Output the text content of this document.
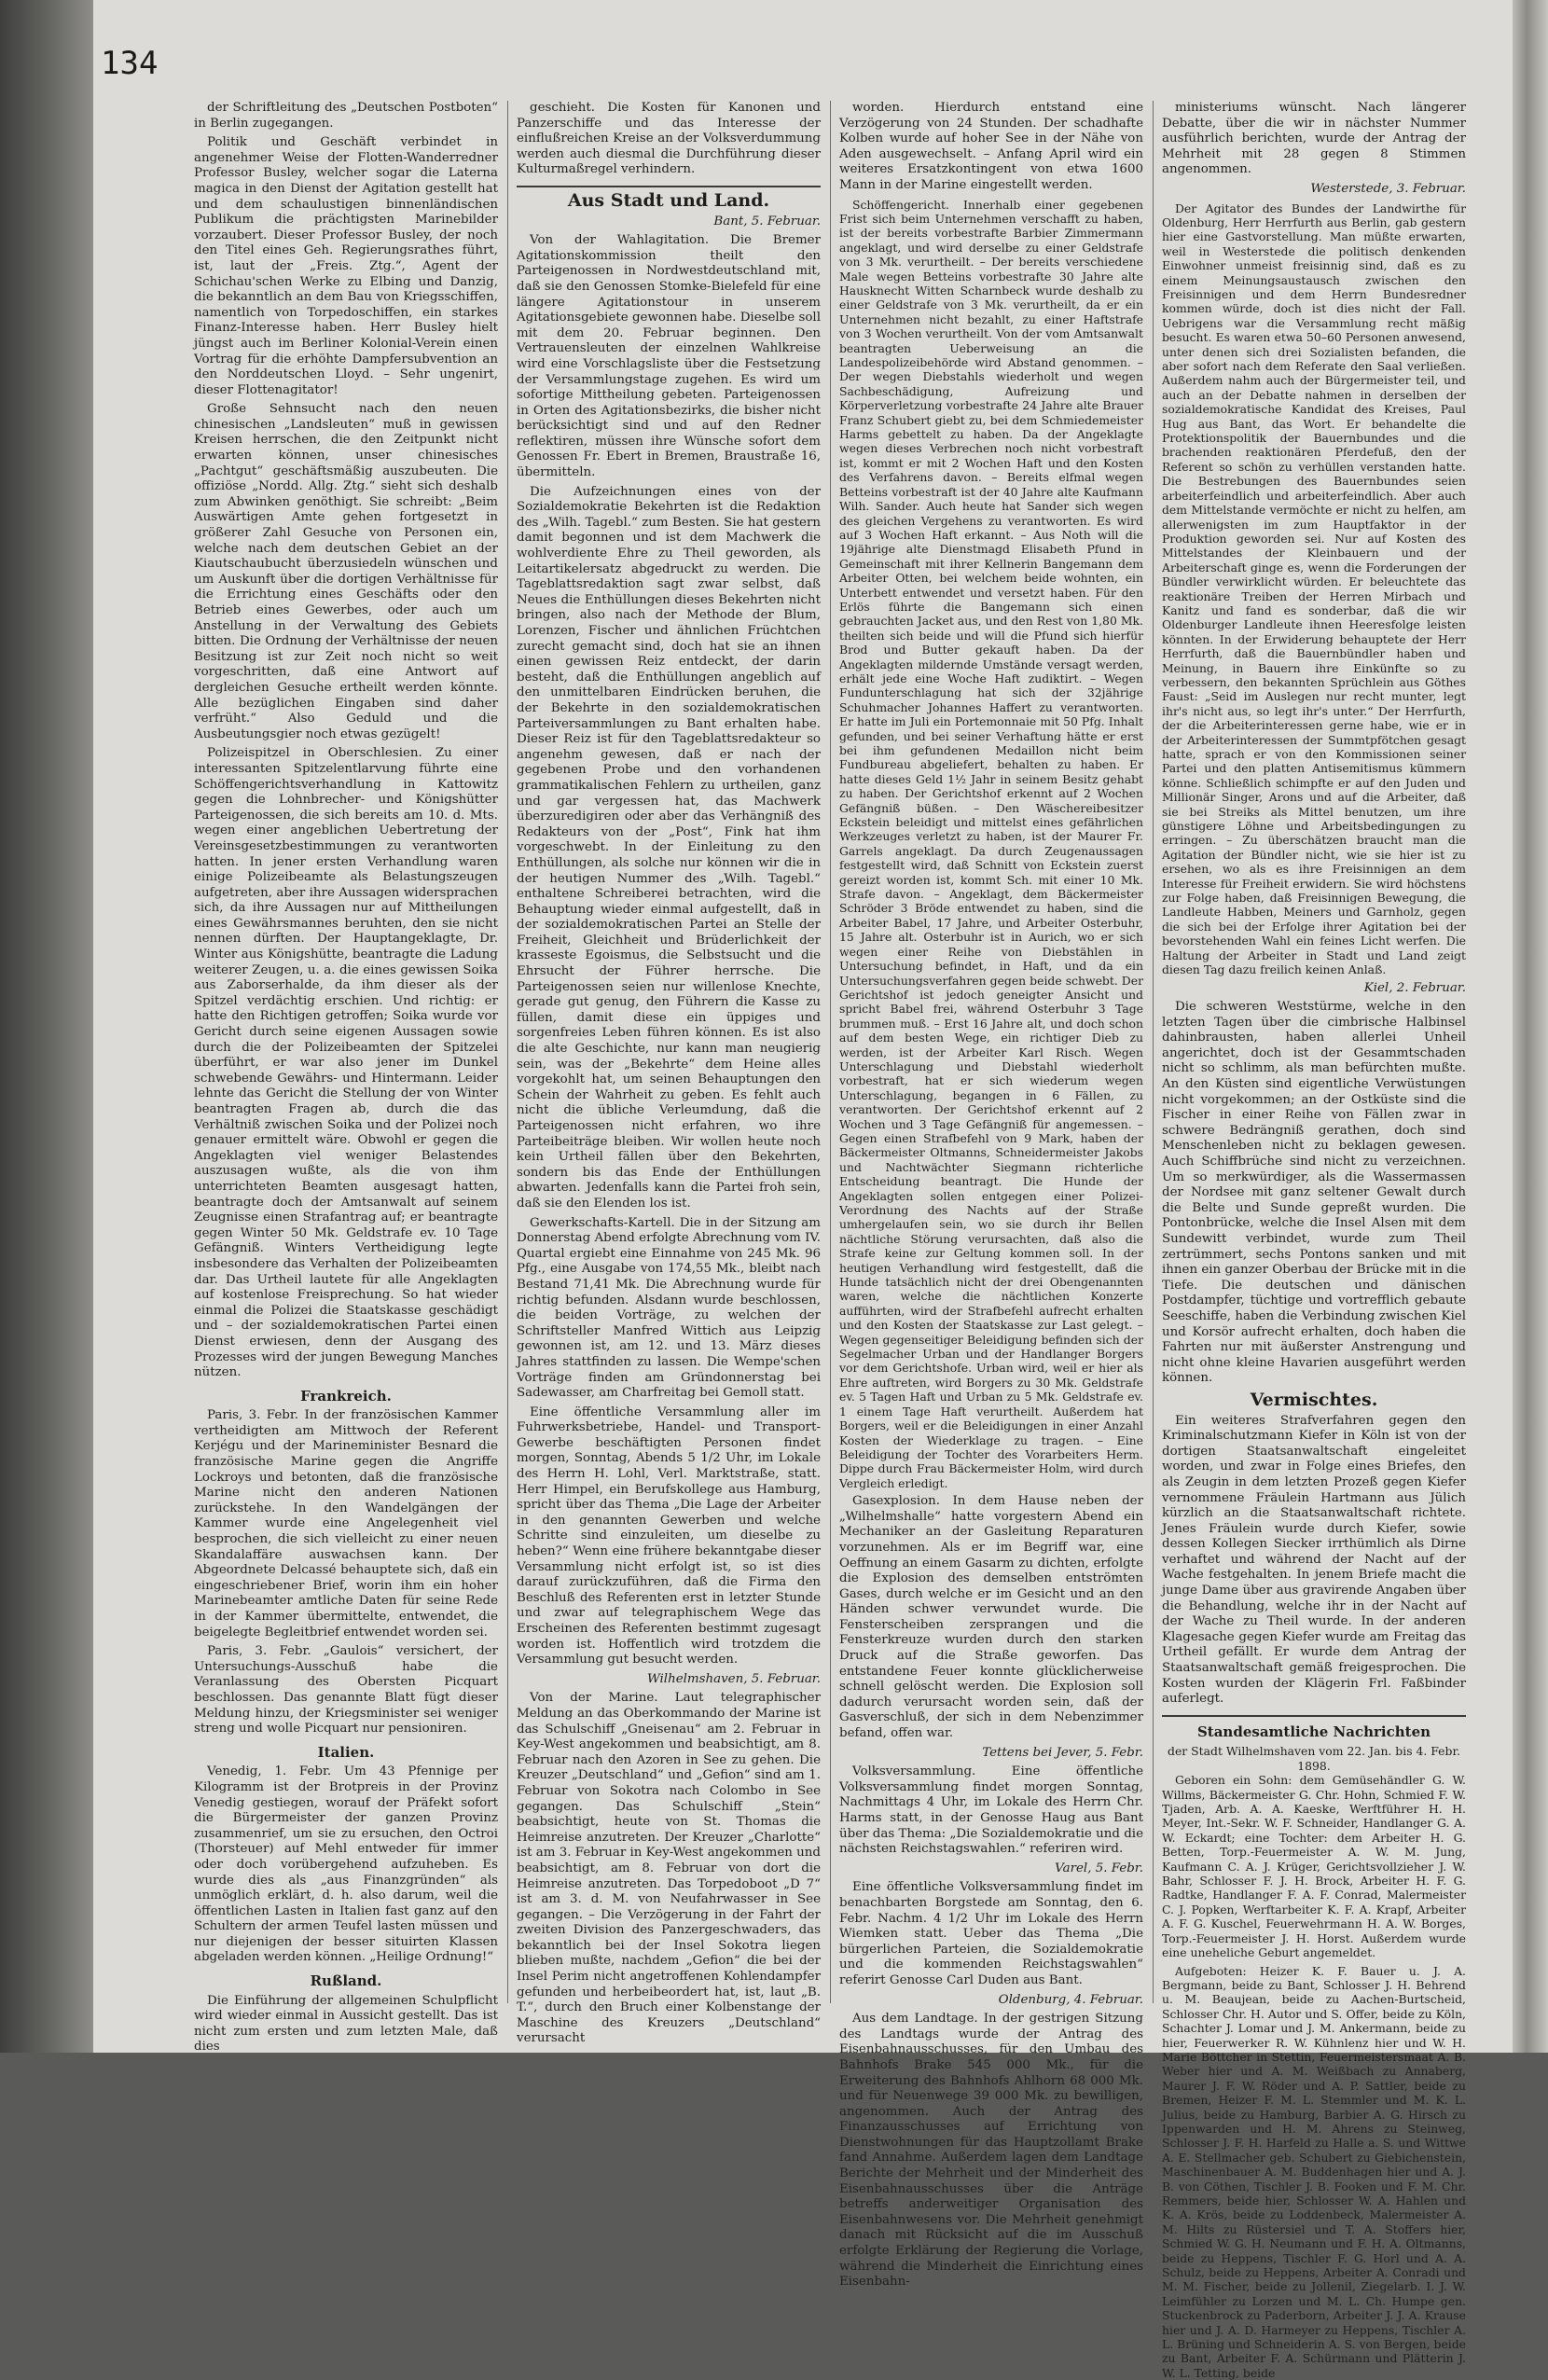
134

der Schriftleitung des „Deutschen Postboten“ in Berlin zugegangen.

Politik und Geschäft verbindet in angenehmer Weise der Flotten-Wanderredner Professor Busley, welcher sogar die Laterna magica in den Dienst der Agitation gestellt hat und dem schaulustigen binnenländischen Publikum die prächtigsten Marinebilder vorzaubert. Dieser Professor Busley, der noch den Titel eines Geh. Regierungsrathes führt, ist, laut der „Freis. Ztg.“, Agent der Schichau'schen Werke zu Elbing und Danzig, die bekanntlich an dem Bau von Kriegsschiffen, namentlich von Torpedoschiffen, ein starkes Finanz-Interesse haben. Herr Busley hielt jüngst auch im Berliner Kolonial-Verein einen Vortrag für die erhöhte Dampfersubvention an den Norddeutschen Lloyd. – Sehr ungenirt, dieser Flottenagitator!

Große Sehnsucht nach den neuen chinesischen „Landsleuten“ muß in gewissen Kreisen herrschen, die den Zeitpunkt nicht erwarten können, unser chinesisches „Pachtgut“ geschäftsmäßig auszubeuten. Die offiziöse „Nordd. Allg. Ztg.“ sieht sich deshalb zum Abwinken genöthigt. Sie schreibt: „Beim Auswärtigen Amte gehen fortgesetzt in größerer Zahl Gesuche von Personen ein, welche nach dem deutschen Gebiet an der Kiautschaubucht überzusiedeln wünschen und um Auskunft über die dortigen Verhältnisse für die Errichtung eines Geschäfts oder den Betrieb eines Gewerbes, oder auch um Anstellung in der Verwaltung des Gebiets bitten. Die Ordnung der Verhältnisse der neuen Besitzung ist zur Zeit noch nicht so weit vorgeschritten, daß eine Antwort auf dergleichen Gesuche ertheilt werden könnte. Alle bezüglichen Eingaben sind daher verfrüht.“ Also Geduld und die Ausbeutungsgier noch etwas gezügelt!

Polizeispitzel in Oberschlesien. Zu einer interessanten Spitzelentlarvung führte eine Schöffengerichtsverhandlung in Kattowitz gegen die Lohnbrecher- und Königshütter Parteigenossen, die sich bereits am 10. d. Mts. wegen einer angeblichen Uebertretung der Vereinsgesetzbestimmungen zu verantworten hatten. In jener ersten Verhandlung waren einige Polizeibeamte als Belastungszeugen aufgetreten, aber ihre Aussagen widersprachen sich, da ihre Aussagen nur auf Mittheilungen eines Gewährsmannes beruhten, den sie nicht nennen dürften. Der Hauptangeklagte, Dr. Winter aus Königshütte, beantragte die Ladung weiterer Zeugen, u. a. die eines gewissen Soika aus Zaborserhalde, da ihm dieser als der Spitzel verdächtig erschien. Und richtig: er hatte den Richtigen getroffen; Soika wurde vor Gericht durch seine eigenen Aussagen sowie durch die der Polizeibeamten der Spitzelei überführt, er war also jener im Dunkel schwebende Gewährs- und Hintermann. Leider lehnte das Gericht die Stellung der von Winter beantragten Fragen ab, durch die das Verhältniß zwischen Soika und der Polizei noch genauer ermittelt wäre. Obwohl er gegen die Angeklagten viel weniger Belastendes auszusagen wußte, als die von ihm unterrichteten Beamten ausgesagt hatten, beantragte doch der Amtsanwalt auf seinem Zeugnisse einen Strafantrag auf; er beantragte gegen Winter 50 Mk. Geldstrafe ev. 10 Tage Gefängniß. Winters Vertheidigung legte insbesondere das Verhalten der Polizeibeamten dar. Das Urtheil lautete für alle Angeklagten auf kostenlose Freisprechung. So hat wieder einmal die Polizei die Staatskasse geschädigt und – der sozialdemokratischen Partei einen Dienst erwiesen, denn der Ausgang des Prozesses wird der jungen Bewegung Manches nützen.

Frankreich.

Paris, 3. Febr. In der französischen Kammer vertheidigten am Mittwoch der Referent Kerjégu und der Marineminister Besnard die französische Marine gegen die Angriffe Lockroys und betonten, daß die französische Marine nicht den anderen Nationen zurückstehe. In den Wandelgängen der Kammer wurde eine Angelegenheit viel besprochen, die sich vielleicht zu einer neuen Skandalaffäre auswachsen kann. Der Abgeordnete Delcassé behauptete sich, daß ein eingeschriebener Brief, worin ihm ein hoher Marinebeamter amtliche Daten für seine Rede in der Kammer übermittelte, entwendet, die beigelegte Begleitbrief entwendet worden sei.

Paris, 3. Febr. „Gaulois“ versichert, der Untersuchungs-Ausschuß habe die Veranlassung des Obersten Picquart beschlossen. Das genannte Blatt fügt dieser Meldung hinzu, der Kriegsminister sei weniger streng und wolle Picquart nur pensioniren.

Italien.

Venedig, 1. Febr. Um 43 Pfennige per Kilogramm ist der Brotpreis in der Provinz Venedig gestiegen, worauf der Präfekt sofort die Bürgermeister der ganzen Provinz zusammenrief, um sie zu ersuchen, den Octroi (Thorsteuer) auf Mehl entweder für immer oder doch vorübergehend aufzuheben. Es wurde dies als „aus Finanzgründen“ als unmöglich erklärt, d. h. also darum, weil die öffentlichen Lasten in Italien fast ganz auf den Schultern der armen Teufel lasten müssen und nur diejenigen der besser situirten Klassen abgeladen werden können. „Heilige Ordnung!“

Rußland.

Die Einführung der allgemeinen Schulpflicht wird wieder einmal in Aussicht gestellt. Das ist nicht zum ersten und zum letzten Male, daß dies

geschieht. Die Kosten für Kanonen und Panzerschiffe und das Interesse der einflußreichen Kreise an der Volksverdummung werden auch diesmal die Durchführung dieser Kulturmaßregel verhindern.

Aus Stadt und Land.
Bant, 5. Februar.

Von der Wahlagitation. Die Bremer Agitationskommission theilt den Parteigenossen in Nordwestdeutschland mit, daß sie den Genossen Stomke-Bielefeld für eine längere Agitationstour in unserem Agitationsgebiete gewonnen habe. Dieselbe soll mit dem 20. Februar beginnen. Den Vertrauensleuten der einzelnen Wahlkreise wird eine Vorschlagsliste über die Festsetzung der Versammlungstage zugehen. Es wird um sofortige Mittheilung gebeten. Parteigenossen in Orten des Agitationsbezirks, die bisher nicht berücksichtigt sind und auf den Redner reflektiren, müssen ihre Wünsche sofort dem Genossen Fr. Ebert in Bremen, Braustraße 16, übermitteln.

Die Aufzeichnungen eines von der Sozialdemokratie Bekehrten ist die Redaktion des „Wilh. Tagebl.“ zum Besten. Sie hat gestern damit begonnen und ist dem Machwerk die wohlverdiente Ehre zu Theil geworden, als Leitartikelersatz abgedruckt zu werden. Die Tageblattsredaktion sagt zwar selbst, daß Neues die Enthüllungen dieses Bekehrten nicht bringen, also nach der Methode der Blum, Lorenzen, Fischer und ähnlichen Früchtchen zurecht gemacht sind, doch hat sie an ihnen einen gewissen Reiz entdeckt, der darin besteht, daß die Enthüllungen angeblich auf den unmittelbaren Eindrücken beruhen, die der Bekehrte in den sozialdemokratischen Parteiversammlungen zu Bant erhalten habe. Dieser Reiz ist für den Tageblattsredakteur so angenehm gewesen, daß er nach der gegebenen Probe und den vorhandenen grammatikalischen Fehlern zu urtheilen, ganz und gar vergessen hat, das Machwerk überzuredigiren oder aber das Verhängniß des Redakteurs von der „Post“, Fink hat ihm vorgeschwebt. In der Einleitung zu den Enthüllungen, als solche nur können wir die in der heutigen Nummer des „Wilh. Tagebl.“ enthaltene Schreiberei betrachten, wird die Behauptung wieder einmal aufgestellt, daß in der sozialdemokratischen Partei an Stelle der Freiheit, Gleichheit und Brüderlichkeit der krasseste Egoismus, die Selbstsucht und die Ehrsucht der Führer herrsche. Die Parteigenossen seien nur willenlose Knechte, gerade gut genug, den Führern die Kasse zu füllen, damit diese ein üppiges und sorgenfreies Leben führen können. Es ist also die alte Geschichte, nur kann man neugierig sein, was der „Bekehrte“ dem Heine alles vorgekohlt hat, um seinen Behauptungen den Schein der Wahrheit zu geben. Es fehlt auch nicht die übliche Verleumdung, daß die Parteigenossen nicht erfahren, wo ihre Parteibeiträge bleiben. Wir wollen heute noch kein Urtheil fällen über den Bekehrten, sondern bis das Ende der Enthüllungen abwarten. Jedenfalls kann die Partei froh sein, daß sie den Elenden los ist.

Gewerkschafts-Kartell. Die in der Sitzung am Donnerstag Abend erfolgte Abrechnung vom IV. Quartal ergiebt eine Einnahme von 245 Mk. 96 Pfg., eine Ausgabe von 174,55 Mk., bleibt nach Bestand 71,41 Mk. Die Abrechnung wurde für richtig befunden. Alsdann wurde beschlossen, die beiden Vorträge, zu welchen der Schriftsteller Manfred Wittich aus Leipzig gewonnen ist, am 12. und 13. März dieses Jahres stattfinden zu lassen. Die Wempe'schen Vorträge finden am Gründonnerstag bei Sadewasser, am Charfreitag bei Gemoll statt.

Eine öffentliche Versammlung aller im Fuhrwerksbetriebe, Handel- und Transport-Gewerbe beschäftigten Personen findet morgen, Sonntag, Abends 5 1/2 Uhr, im Lokale des Herrn H. Lohl, Verl. Marktstraße, statt. Herr Himpel, ein Berufskollege aus Hamburg, spricht über das Thema „Die Lage der Arbeiter in den genannten Gewerben und welche Schritte sind einzuleiten, um dieselbe zu heben?“ Wenn eine frühere bekanntgabe dieser Versammlung nicht erfolgt ist, so ist dies darauf zurückzuführen, daß die Firma den Beschluß des Referenten erst in letzter Stunde und zwar auf telegraphischem Wege das Erscheinen des Referenten bestimmt zugesagt worden ist. Hoffentlich wird trotzdem die Versammlung gut besucht werden.

Wilhelmshaven, 5. Februar.

Von der Marine. Laut telegraphischer Meldung an das Oberkommando der Marine ist das Schulschiff „Gneisenau“ am 2. Februar in Key-West angekommen und beabsichtigt, am 8. Februar nach den Azoren in See zu gehen. Die Kreuzer „Deutschland“ und „Gefion“ sind am 1. Februar von Sokotra nach Colombo in See gegangen. Das Schulschiff „Stein“ beabsichtigt, heute von St. Thomas die Heimreise anzutreten. Der Kreuzer „Charlotte“ ist am 3. Februar in Key-West angekommen und beabsichtigt, am 8. Februar von dort die Heimreise anzutreten. Das Torpedoboot „D 7“ ist am 3. d. M. von Neufahrwasser in See gegangen. – Die Verzögerung in der Fahrt der zweiten Division des Panzergeschwaders, das bekanntlich bei der Insel Sokotra liegen blieben mußte, nachdem „Gefion“ die bei der Insel Perim nicht angetroffenen Kohlendampfer gefunden und herbeibeordert hat, ist, laut „B. T.“, durch den Bruch einer Kolbenstange der Maschine des Kreuzers „Deutschland“ verursacht

worden. Hierdurch entstand eine Verzögerung von 24 Stunden. Der schadhafte Kolben wurde auf hoher See in der Nähe von Aden ausgewechselt. – Anfang April wird ein weiteres Ersatzkontingent von etwa 1600 Mann in der Marine eingestellt werden.

Schöffengericht. Innerhalb einer gegebenen Frist sich beim Unternehmen verschafft zu haben, ist der bereits vorbestrafte Barbier Zimmermann angeklagt, und wird derselbe zu einer Geldstrafe von 3 Mk. verurtheilt. – Der bereits verschiedene Male wegen Betteins vorbestrafte 30 Jahre alte Hausknecht Witten Scharnbeck wurde deshalb zu einer Geldstrafe von 3 Mk. verurtheilt, da er ein Unternehmen nicht bezahlt, zu einer Haftstrafe von 3 Wochen verurtheilt. Von der vom Amtsanwalt beantragten Ueberweisung an die Landespolizeibehörde wird Abstand genommen. – Der wegen Diebstahls wiederholt und wegen Sachbeschädigung, Aufreizung und Körperverletzung vorbestrafte 24 Jahre alte Brauer Franz Schubert giebt zu, bei dem Schmiedemeister Harms gebettelt zu haben. Da der Angeklagte wegen dieses Verbrechen noch nicht vorbestraft ist, kommt er mit 2 Wochen Haft und den Kosten des Verfahrens davon. – Bereits elfmal wegen Betteins vorbestraft ist der 40 Jahre alte Kaufmann Wilh. Sander. Auch heute hat Sander sich wegen des gleichen Vergehens zu verantworten. Es wird auf 3 Wochen Haft erkannt. – Aus Noth will die 19jährige alte Dienstmagd Elisabeth Pfund in Gemeinschaft mit ihrer Kellnerin Bangemann dem Arbeiter Otten, bei welchem beide wohnten, ein Unterbett entwendet und versetzt haben. Für den Erlös führte die Bangemann sich einen gebrauchten Jacket aus, und den Rest von 1,80 Mk. theilten sich beide und will die Pfund sich hierfür Brod und Butter gekauft haben. Da der Angeklagten mildernde Umstände versagt werden, erhält jede eine Woche Haft zudiktirt. – Wegen Fundunterschlagung hat sich der 32jährige Schuhmacher Johannes Haffert zu verantworten. Er hatte im Juli ein Portemonnaie mit 50 Pfg. Inhalt gefunden, und bei seiner Verhaftung hätte er erst bei ihm gefundenen Medaillon nicht beim Fundbureau abgeliefert, behalten zu haben. Er hatte dieses Geld 1½ Jahr in seinem Besitz gehabt zu haben. Der Gerichtshof erkennt auf 2 Wochen Gefängniß büßen. – Den Wäschereibesitzer Eckstein beleidigt und mittelst eines gefährlichen Werkzeuges verletzt zu haben, ist der Maurer Fr. Garrels angeklagt. Da durch Zeugenaussagen festgestellt wird, daß Schnitt von Eckstein zuerst gereizt worden ist, kommt Sch. mit einer 10 Mk. Strafe davon. – Angeklagt, dem Bäckermeister Schröder 3 Bröde entwendet zu haben, sind die Arbeiter Babel, 17 Jahre, und Arbeiter Osterbuhr, 15 Jahre alt. Osterbuhr ist in Aurich, wo er sich wegen einer Reihe von Diebstählen in Untersuchung befindet, in Haft, und da ein Untersuchungsverfahren gegen beide schwebt. Der Gerichtshof ist jedoch geneigter Ansicht und spricht Babel frei, während Osterbuhr 3 Tage brummen muß. – Erst 16 Jahre alt, und doch schon auf dem besten Wege, ein richtiger Dieb zu werden, ist der Arbeiter Karl Risch. Wegen Unterschlagung und Diebstahl wiederholt vorbestraft, hat er sich wiederum wegen Unterschlagung, begangen in 6 Fällen, zu verantworten. Der Gerichtshof erkennt auf 2 Wochen und 3 Tage Gefängniß für angemessen. – Gegen einen Strafbefehl von 9 Mark, haben der Bäckermeister Oltmanns, Schneidermeister Jakobs und Nachtwächter Siegmann richterliche Entscheidung beantragt. Die Hunde der Angeklagten sollen entgegen einer Polizei-Verordnung des Nachts auf der Straße umhergelaufen sein, wo sie durch ihr Bellen nächtliche Störung verursachten, daß also die Strafe keine zur Geltung kommen soll. In der heutigen Verhandlung wird festgestellt, daß die Hunde tatsächlich nicht der drei Obengenannten waren, welche die nächtlichen Konzerte aufführten, wird der Strafbefehl aufrecht erhalten und den Kosten der Staatskasse zur Last gelegt. – Wegen gegenseitiger Beleidigung befinden sich der Segelmacher Urban und der Handlanger Borgers vor dem Gerichtshofe. Urban wird, weil er hier als Ehre auftreten, wird Borgers zu 30 Mk. Geldstrafe ev. 5 Tagen Haft und Urban zu 5 Mk. Geldstrafe ev. 1 einem Tage Haft verurtheilt. Außerdem hat Borgers, weil er die Beleidigungen in einer Anzahl Kosten der Wiederklage zu tragen. – Eine Beleidigung der Tochter des Vorarbeiters Herm. Dippe durch Frau Bäckermeister Holm, wird durch Vergleich erledigt.

Gasexplosion. In dem Hause neben der „Wilhelmshalle“ hatte vorgestern Abend ein Mechaniker an der Gasleitung Reparaturen vorzunehmen. Als er im Begriff war, eine Oeffnung an einem Gasarm zu dichten, erfolgte die Explosion des demselben entströmten Gases, durch welche er im Gesicht und an den Händen schwer verwundet wurde. Die Fensterscheiben zersprangen und die Fensterkreuze wurden durch den starken Druck auf die Straße geworfen. Das entstandene Feuer konnte glücklicherweise schnell gelöscht werden. Die Explosion soll dadurch verursacht worden sein, daß der Gasverschluß, der sich in dem Nebenzimmer befand, offen war.

Tettens bei Jever, 5. Febr.

Volksversammlung. Eine öffentliche Volksversammlung findet morgen Sonntag, Nachmittags 4 Uhr, im Lokale des Herrn Chr. Harms statt, in der Genosse Haug aus Bant über das Thema: „Die Sozialdemokratie und die nächsten Reichstagswahlen.“ referiren wird.

Varel, 5. Febr.

Eine öffentliche Volksversammlung findet im benachbarten Borgstede am Sonntag, den 6. Febr. Nachm. 4 1/2 Uhr im Lokale des Herrn Wiemken statt. Ueber das Thema „Die bürgerlichen Parteien, die Sozialdemokratie und die kommenden Reichstagswahlen“ referirt Genosse Carl Duden aus Bant.

Oldenburg, 4. Februar.

Aus dem Landtage. In der gestrigen Sitzung des Landtags wurde der Antrag des Eisenbahnausschusses, für den Umbau des Bahnhofs Brake 545 000 Mk., für die Erweiterung des Bahnhofs Ahlhorn 68 000 Mk. und für Neuenwege 39 000 Mk. zu bewilligen, angenommen. Auch der Antrag des Finanzausschusses auf Errichtung von Dienstwohnungen für das Hauptzollamt Brake fand Annahme. Außerdem lagen dem Landtage Berichte der Mehrheit und der Minderheit des Eisenbahnausschusses über die Anträge betreffs anderweitiger Organisation des Eisenbahnwesens vor. Die Mehrheit genehmigt danach mit Rücksicht auf die im Ausschuß erfolgte Erklärung der Regierung die Vorlage, während die Minderheit die Einrichtung eines Eisenbahn-

ministeriums wünscht. Nach längerer Debatte, über die wir in nächster Nummer ausführlich berichten, wurde der Antrag der Mehrheit mit 28 gegen 8 Stimmen angenommen.

Westerstede, 3. Februar.

Der Agitator des Bundes der Landwirthe für Oldenburg, Herr Herrfurth aus Berlin, gab gestern hier eine Gastvorstellung. Man müßte erwarten, weil in Westerstede die politisch denkenden Einwohner unmeist freisinnig sind, daß es zu einem Meinungsaustausch zwischen den Freisinnigen und dem Herrn Bundesredner kommen würde, doch ist dies nicht der Fall. Uebrigens war die Versammlung recht mäßig besucht. Es waren etwa 50–60 Personen anwesend, unter denen sich drei Sozialisten befanden, die aber sofort nach dem Referate den Saal verließen. Außerdem nahm auch der Bürgermeister teil, und auch an der Debatte nahmen in derselben der sozialdemokratische Kandidat des Kreises, Paul Hug aus Bant, das Wort. Er behandelte die Protektionspolitik der Bauernbundes und die brachenden reaktionären Pferdefuß, den der Referent so schön zu verhüllen verstanden hatte. Die Bestrebungen des Bauernbundes seien arbeiterfeindlich und arbeiterfeindlich. Aber auch dem Mittelstande vermöchte er nicht zu helfen, am allerwenigsten im zum Hauptfaktor in der Produktion geworden sei. Nur auf Kosten des Mittelstandes der Kleinbauern und der Arbeiterschaft ginge es, wenn die Forderungen der Bündler verwirklicht würden. Er beleuchtete das reaktionäre Treiben der Herren Mirbach und Kanitz und fand es sonderbar, daß die wir Oldenburger Landleute ihnen Heeresfolge leisten könnten. In der Erwiderung behauptete der Herr Herrfurth, daß die Bauernbündler haben und Meinung, in Bauern ihre Einkünfte so zu verbessern, den bekannten Sprüchlein aus Göthes Faust: „Seid im Auslegen nur recht munter, legt ihr's nicht aus, so legt ihr's unter.“ Der Herrfurth, der die Arbeiterinteressen gerne habe, wie er in der Arbeiterinteressen der Summtpfötchen gesagt hatte, sprach er von den Kommissionen seiner Partei und den platten Antisemitismus kümmern könne. Schließlich schimpfte er auf den Juden und Millionär Singer, Arons und auf die Arbeiter, daß sie bei Streiks als Mittel benutzen, um ihre günstigere Löhne und Arbeitsbedingungen zu erringen. – Zu überschätzen braucht man die Agitation der Bündler nicht, wie sie hier ist zu ersehen, wo als es ihre Freisinnigen an dem Interesse für Freiheit erwidern. Sie wird höchstens zur Folge haben, daß Freisinnigen Bewegung, die Landleute Habben, Meiners und Garnholz, gegen die sich bei der Erfolge ihrer Agitation bei der bevorstehenden Wahl ein feines Licht werfen. Die Haltung der Arbeiter in Stadt und Land zeigt diesen Tag dazu freilich keinen Anlaß.

Kiel, 2. Februar.

Die schweren Weststürme, welche in den letzten Tagen über die cimbrische Halbinsel dahinbrausten, haben allerlei Unheil angerichtet, doch ist der Gesammtschaden nicht so schlimm, als man befürchten mußte. An den Küsten sind eigentliche Verwüstungen nicht vorgekommen; an der Ostküste sind die Fischer in einer Reihe von Fällen zwar in schwere Bedrängniß gerathen, doch sind Menschenleben nicht zu beklagen gewesen. Auch Schiffbrüche sind nicht zu verzeichnen. Um so merkwürdiger, als die Wassermassen der Nordsee mit ganz seltener Gewalt durch die Belte und Sunde gepreßt wurden. Die Pontonbrücke, welche die Insel Alsen mit dem Sundewitt verbindet, wurde zum Theil zertrümmert, sechs Pontons sanken und mit ihnen ein ganzer Oberbau der Brücke mit in die Tiefe. Die deutschen und dänischen Postdampfer, tüchtige und vortrefflich gebaute Seeschiffe, haben die Verbindung zwischen Kiel und Korsör aufrecht erhalten, doch haben die Fahrten nur mit äußerster Anstrengung und nicht ohne kleine Havarien ausgeführt werden können.

Vermischtes.

Ein weiteres Strafverfahren gegen den Kriminalschutzmann Kiefer in Köln ist von der dortigen Staatsanwaltschaft eingeleitet worden, und zwar in Folge eines Briefes, den als Zeugin in dem letzten Prozeß gegen Kiefer vernommene Fräulein Hartmann aus Jülich kürzlich an die Staatsanwaltschaft richtete. Jenes Fräulein wurde durch Kiefer, sowie dessen Kollegen Siecker irrthümlich als Dirne verhaftet und während der Nacht auf der Wache festgehalten. In jenem Briefe macht die junge Dame über aus gravirende Angaben über die Behandlung, welche ihr in der Nacht auf der Wache zu Theil wurde. In der anderen Klagesache gegen Kiefer wurde am Freitag das Urtheil gefällt. Er wurde dem Antrag der Staatsanwaltschaft gemäß freigesprochen. Die Kosten wurden der Klägerin Frl. Faßbinder auferlegt.

Standesamtliche Nachrichten
der Stadt Wilhelmshaven vom 22. Jan. bis 4. Febr. 1898.

Geboren ein Sohn: dem Gemüsehändler G. W. Willms, Bäckermeister G. Chr. Hohn, Schmied F. W. Tjaden, Arb. A. A. Kaeske, Werftführer H. H. Meyer, Int.-Sekr. W. F. Schneider, Handlanger G. A. W. Eckardt; eine Tochter: dem Arbeiter H. G. Betten, Torp.-Feuermeister A. W. M. Jung, Kaufmann C. A. J. Krüger, Gerichtsvollzieher J. W. Bahr, Schlosser F. J. H. Brock, Arbeiter H. F. G. Radtke, Handlanger F. A. F. Conrad, Malermeister C. J. Popken, Werftarbeiter K. F. A. Krapf, Arbeiter A. F. G. Kuschel, Feuerwehrmann H. A. W. Borges, Torp.-Feuermeister J. H. Horst. Außerdem wurde eine uneheliche Geburt angemeldet.

Aufgeboten: Heizer K. F. Bauer u. J. A. Bergmann, beide zu Bant, Schlosser J. H. Behrend u. M. Beaujean, beide zu Aachen-Burtscheid, Schlosser Chr. H. Autor und S. Offer, beide zu Köln, Schachter J. Lomar und J. M. Ankermann, beide zu hier, Feuerwerker R. W. Kühnlenz hier und W. H. Marie Böttcher in Stettin, Feuermeistersmaat A. B. Weber hier und A. M. Weißbach zu Annaberg, Maurer J. F. W. Röder und A. P. Sattler, beide zu Bremen, Heizer F. M. L. Stemmler und M. K. L. Julius, beide zu Hamburg, Barbier A. G. Hirsch zu Ippenwarden und H. M. Ahrens zu Steinweg, Schlosser J. F. H. Harfeld zu Halle a. S. und Wittwe A. E. Stellmacher geb. Schubert zu Giebichenstein, Maschinenbauer A. M. Buddenhagen hier und A. J. B. von Cöthen, Tischler J. B. Fooken und F. M. Chr. Remmers, beide hier, Schlosser W. A. Hahlen und K. A. Krös, beide zu Loddenbeck, Malermeister A. M. Hilts zu Rüstersiel und T. A. Stoffers hier, Schmied W. G. H. Neumann und F. H. A. Oltmanns, beide zu Heppens, Tischler F. G. Horl und A. A. Schulz, beide zu Heppens, Arbeiter A. Conradi und M. M. Fischer, beide zu Jollenil, Ziegelarb. I. J. W. Leimfühler zu Lorzen und M. L. Ch. Humpe gen. Stuckenbrock zu Paderborn, Arbeiter J. J. A. Krause hier und J. A. D. Harmeyer zu Heppens, Tischler A. L. Brüning und Schneiderin A. S. von Bergen, beide zu Bant, Arbeiter F. A. Schürmann und Plätterin J. W. L. Tetting, beide
